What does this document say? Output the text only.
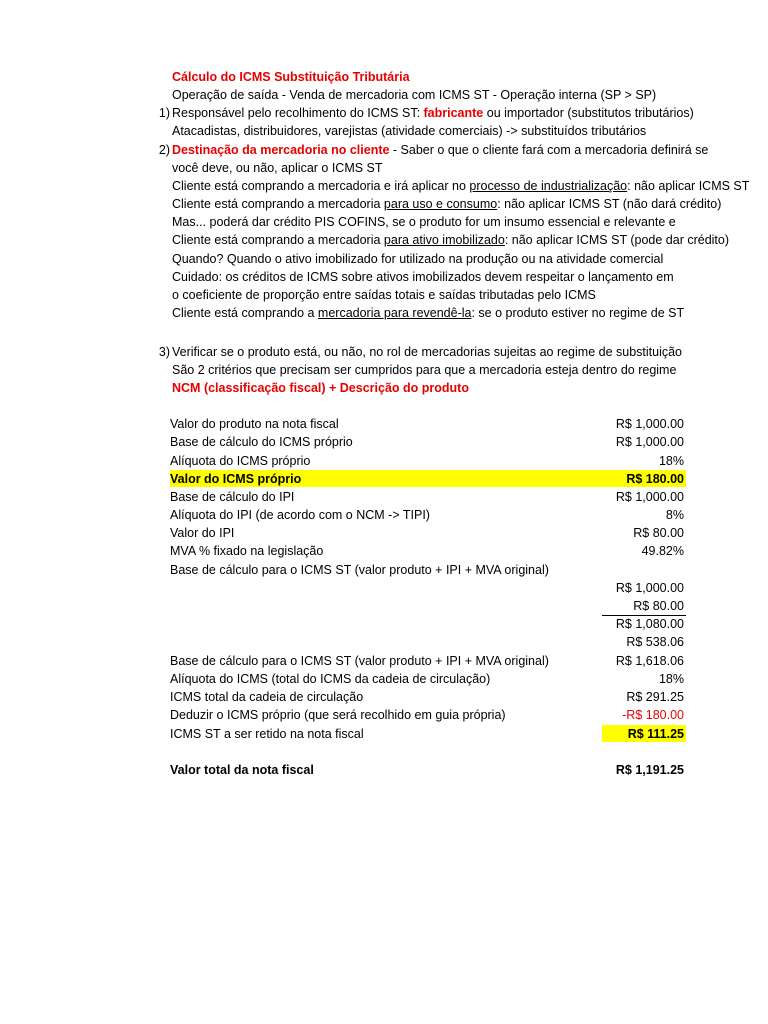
Cálculo do ICMS Substituição Tributária
Operação de saída - Venda de mercadoria com ICMS ST - Operação interna (SP > SP)
1) Responsável pelo recolhimento do ICMS ST: fabricante ou importador (substitutos tributários)
Atacadistas, distribuidores, varejistas (atividade comerciais) -> substituídos tributários
2) Destinação da mercadoria no cliente - Saber o que o cliente fará com a mercadoria definirá se
você deve, ou não, aplicar o ICMS ST
Cliente está comprando a mercadoria e irá aplicar no processo de industrialização: não aplicar ICMS ST
Cliente está comprando a mercadoria para uso e consumo: não aplicar ICMS ST (não dará crédito)
Mas... poderá dar crédito PIS COFINS, se o produto for um insumo essencial e relevante e
Cliente está comprando a mercadoria para ativo imobilizado: não aplicar ICMS ST (pode dar crédito)
Quando? Quando o ativo imobilizado for utilizado na produção ou na atividade comercial
Cuidado: os créditos de ICMS sobre ativos imobilizados devem respeitar o lançamento em
o coeficiente de proporção entre saídas totais e saídas tributadas pelo ICMS
Cliente está comprando a mercadoria para revendê-la: se o produto estiver no regime de ST
3) Verificar se o produto está, ou não, no rol de mercadorias sujeitas ao regime de substituição
São 2 critérios que precisam ser cumpridos para que a mercadoria esteja dentro do regime
NCM (classificação fiscal) + Descrição do produto
Valor do produto na nota fiscal	R$ 1,000.00
Base de cálculo do ICMS próprio	R$ 1,000.00
Alíquota do ICMS próprio	18%
Valor do ICMS próprio	R$ 180.00
Base de cálculo do IPI	R$ 1,000.00
Alíquota do IPI (de acordo com o NCM -> TIPI)	8%
Valor do IPI	R$ 80.00
MVA % fixado na legislação	49.82%
Base de cálculo para o ICMS ST (valor produto + IPI + MVA original)
R$ 1,000.00
R$ 80.00
R$ 1,080.00
R$ 538.06
Base de cálculo para o ICMS ST (valor produto + IPI + MVA original)	R$ 1,618.06
Alíquota do ICMS (total do ICMS da cadeia de circulação)	18%
ICMS total da cadeia de circulação	R$ 291.25
Deduzir o ICMS próprio (que será recolhido em guia própria)	-R$ 180.00
ICMS ST a ser retido na nota fiscal	R$ 111.25
Valor total da nota fiscal	R$ 1,191.25
